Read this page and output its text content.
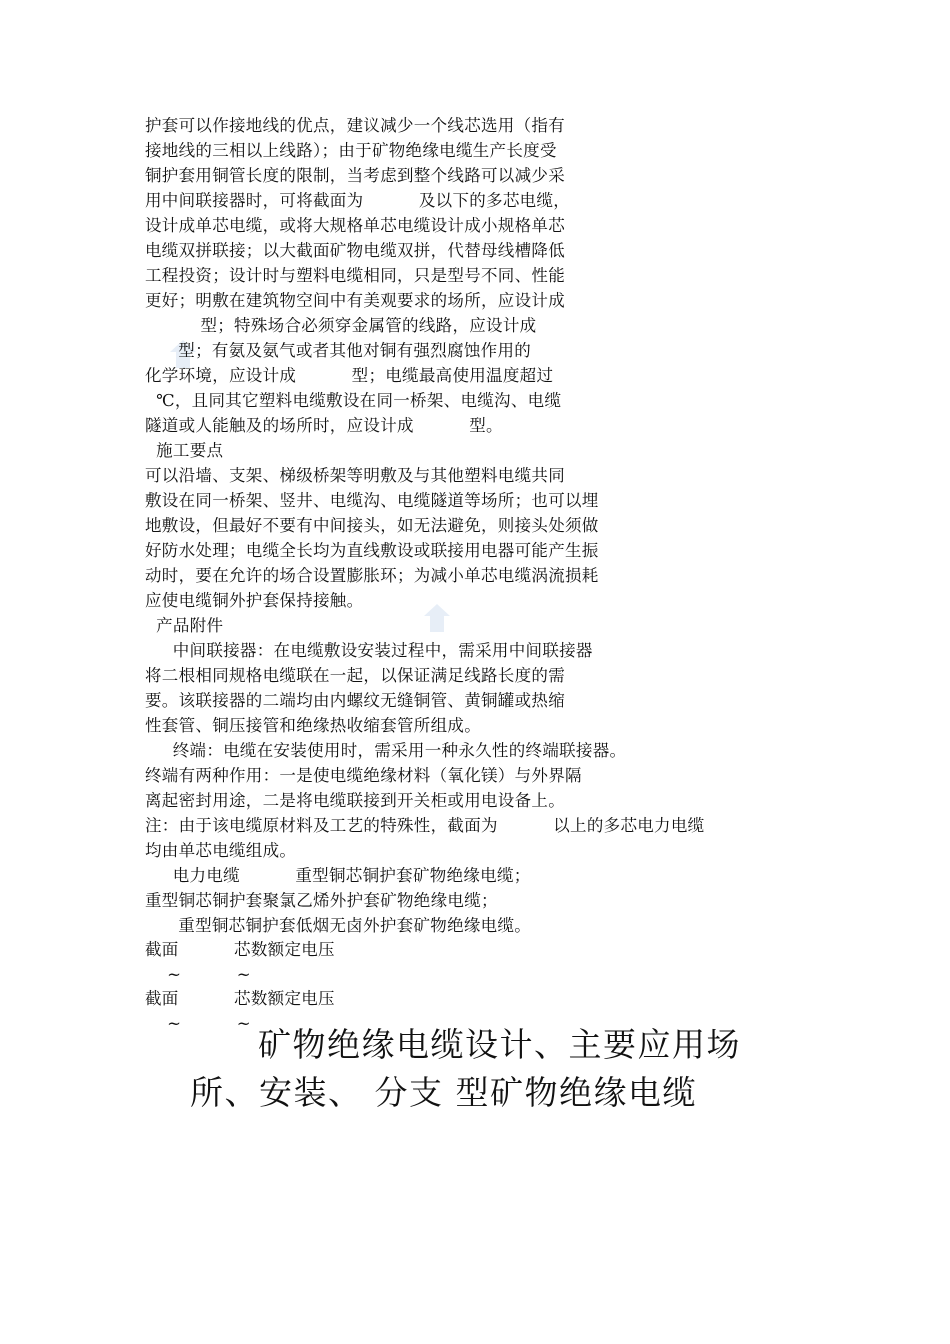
护套可以作接地线的优点，建议减少一个线芯选用（指有
接地线的三相以上线路）；由于矿物绝缘电缆生产长度受
铜护套用铜管长度的限制，当考虑到整个线路可以减少采
用中间联接器时，可将截面为          及以下的多芯电缆，
设计成单芯电缆，或将大规格单芯电缆设计成小规格单芯
电缆双拼联接；以大截面矿物电缆双拼，代替母线槽降低
工程投资；设计时与塑料电缆相同，只是型号不同、性能
更好；明敷在建筑物空间中有美观要求的场所，应设计成
型；特殊场合必须穿金属管的线路，应设计成
型；有氨及氨气或者其他对铜有强烈腐蚀作用的
化学环境，应设计成          型；电缆最高使用温度超过
℃，且同其它塑料电缆敷设在同一桥架、电缆沟、电缆
隧道或人能触及的场所时，应设计成          型。
施工要点
可以沿墙、支架、梯级桥架等明敷及与其他塑料电缆共同
敷设在同一桥架、竖井、电缆沟、电缆隧道等场所；也可以埋
地敷设，但最好不要有中间接头，如无法避免，则接头处须做
好防水处理；电缆全长均为直线敷设或联接用电器可能产生振
动时，要在允许的场合设置膨胀环；为减小单芯电缆涡流损耗
应使电缆铜外护套保持接触。
产品附件
中间联接器：在电缆敷设安装过程中，需采用中间联接器
将二根相同规格电缆联在一起，以保证满足线路长度的需
要。该联接器的二端均由内螺纹无缝铜管、黄铜罐或热缩
性套管、铜压接管和绝缘热收缩套管所组成。
终端：电缆在安装使用时，需采用一种永久性的终端联接器。
终端有两种作用：一是使电缆绝缘材料（氧化镁）与外界隔
离起密封用途，二是将电缆联接到开关柜或用电设备上。
注：由于该电缆原材料及工艺的特殊性，截面为          以上的多芯电力电缆
均由单芯电缆组成。
电力电缆          重型铜芯铜护套矿物绝缘电缆；
重型铜芯铜护套聚氯乙烯外护套矿物绝缘电缆；
重型铜芯铜护套低烟无卤外护套矿物绝缘电缆。
截面          芯数额定电压
~          ~
截面          芯数额定电压
~          ~
矿物绝缘电缆设计、主要应用场
所、安装、 分支 型矿物绝缘电缆
